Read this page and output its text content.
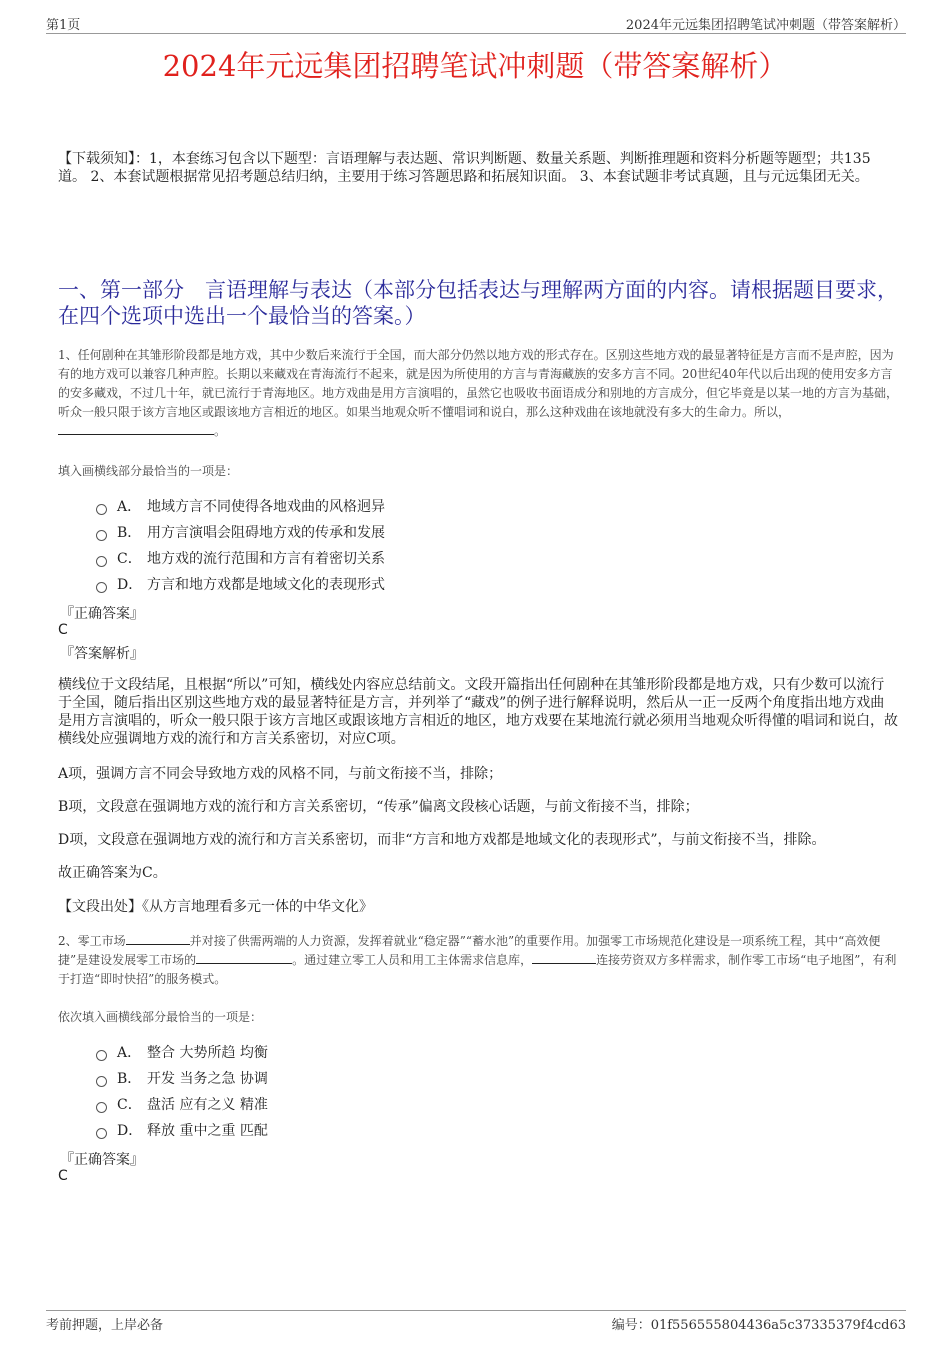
第1页	2024年元远集团招聘笔试冲刺题（带答案解析）
2024年元远集团招聘笔试冲刺题（带答案解析）
【下载须知】：1，本套练习包含以下题型：言语理解与表达题、常识判断题、数量关系题、判断推理题和资料分析题等题型；共135道。 2、本套试题根据常见招考题总结归纳，主要用于练习答题思路和拓展知识面。 3、本套试题非考试真题，且与元远集团无关。
一、第一部分　言语理解与表达（本部分包括表达与理解两方面的内容。请根据题目要求，在四个选项中选出一个最恰当的答案。）
1、任何剧种在其雏形阶段都是地方戏，其中少数后来流行于全国，而大部分仍然以地方戏的形式存在。区别这些地方戏的最显著特征是方言而不是声腔，因为有的地方戏可以兼容几种声腔。长期以来藏戏在青海流行不起来，就是因为所使用的方言与青海藏族的安多方言不同。20世纪40年代以后出现的使用安多方言的安多藏戏，不过几十年，就已流行于青海地区。地方戏曲是用方言演唱的，虽然它也吸收书面语成分和别地的方言成分，但它毕竟是以某一地的方言为基础，听众一般只限于该方言地区或跟该地方言相近的地区。如果当地观众听不懂唱词和说白，那么这种戏曲在该地就没有多大的生命力。所以，。
填入画横线部分最恰当的一项是：
A． 地域方言不同使得各地戏曲的风格迥异
B． 用方言演唱会阻碍地方戏的传承和发展
C． 地方戏的流行范围和方言有着密切关系
D． 方言和地方戏都是地域文化的表现形式
『正确答案』
C
『答案解析』
横线位于文段结尾，且根据“所以”可知，横线处内容应总结前文。文段开篇指出任何剧种在其雏形阶段都是地方戏，只有少数可以流行于全国，随后指出区别这些地方戏的最显著特征是方言，并列举了“藏戏”的例子进行解释说明，然后从一正一反两个角度指出地方戏曲是用方言演唱的，听众一般只限于该方言地区或跟该地方言相近的地区，地方戏要在某地流行就必须用当地观众听得懂的唱词和说白，故横线处应强调地方戏的流行和方言关系密切，对应C项。
A项，强调方言不同会导致地方戏的风格不同，与前文衔接不当，排除；
B项，文段意在强调地方戏的流行和方言关系密切，“传承”偏离文段核心话题，与前文衔接不当，排除；
D项，文段意在强调地方戏的流行和方言关系密切，而非“方言和地方戏都是地域文化的表现形式”，与前文衔接不当，排除。
故正确答案为C。
【文段出处】《从方言地理看多元一体的中华文化》
2、零工市场	并对接了供需两端的人力资源，发挥着就业“稳定器”“蓄水池”的重要作用。加强零工市场规范化建设是一项系统工程，其中“高效便捷”是建设发展零工市场的	。通过建立零工人员和用工主体需求信息库，	连接劳资双方多样需求，制作零工市场“电子地图”，有利于打造“即时快招”的服务模式。
依次填入画横线部分最恰当的一项是：
A． 整合 大势所趋 均衡
B． 开发 当务之急 协调
C． 盘活 应有之义 精准
D． 释放 重中之重 匹配
『正确答案』
C
考前押题，上岸必备	编号：01f556555804436a5c37335379f4cd63
